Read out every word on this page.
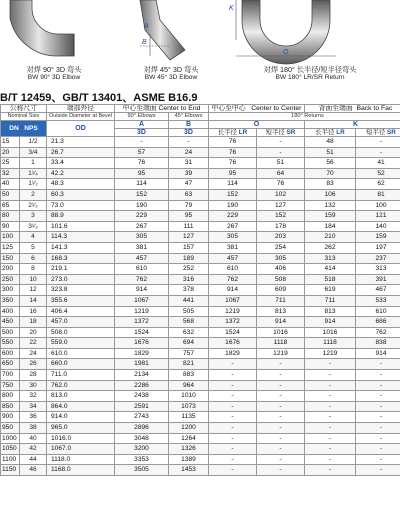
A
B
K
O
对焊 90° 3D 弯头
BW 90° 3D Elbow
对焊 45° 3D 弯头
BW 45° 3D Elbow
对焊 180° 长半径/短半径弯头
BW 180° LR/SR Return
B/T 12459、GB/T 13401、ASME B16.9
公称尺寸		端部外径	中心至端面 Center to End		中心至中心 Center to Center		背面至端面 Back to Fac	
Nominal Size		Outside Diameter at Bevel	90° Elbows	45° Elbows	180° Returns			
DN NPS		OD	A	B	O		K	
			3D	3D	长半径 LR	短半径 SR	长半径 LR	短半径 SR
15	1/2	21.3	-	-	76	-	48	-
20	3/4	26.7	57	24	76	-	51	-
25	1	33.4	76	31	76	51	56	41
32	1¹⁄₄	42.2	95	39	95	64	70	52
40	1¹⁄₂	48.3	114	47	114	76	83	62
50	2	60.3	152	63	152	102	106	81
65	2¹⁄₂	73.0	190	79	190	127	132	100
80	3	88.9	229	95	229	152	159	121
90	3¹⁄₂	101.6	267	111	267	178	184	140
100	4	114.3	305	127	305	203	210	159
125	5	141.3	381	157	381	254	262	197
150	6	168.3	457	189	457	305	313	237
200	8	219.1	610	252	610	406	414	313
250	10	273.0	762	316	762	508	518	391
300	12	323.8	914	378	914	609	619	467
350	14	355.6	1067	441	1067	711	711	533
400	16	406.4	1219	505	1219	813	813	610
450	18	457.0	1372	568	1372	914	914	686
500	20	508.0	1524	632	1524	1016	1016	762
550	22	559.0	1676	694	1676	1118	1118	838
600	24	610.0	1829	757	1829	1219	1219	914
650	26	660.0	1981	821	-	-	-	-
700	28	711.0	2134	883	-	-	-	-
750	30	762.0	2286	964	-	-	-	-
800	32	813.0	2438	1010	-	-	-	-
850	34	864.0	2591	1073	-	-	-	-
900	36	914.0	2743	1135	-	-	-	-
950	38	965.0	2896	1200	-	-	-	-
1000	40	1016.0	3048	1264	-	-	-	-
1050	42	1067.0	3200	1326	-	-	-	-
1100	44	1118.0	3353	1389	-	-	-	-
1150	46	1168.0	3505	1453	-	-	-	-
